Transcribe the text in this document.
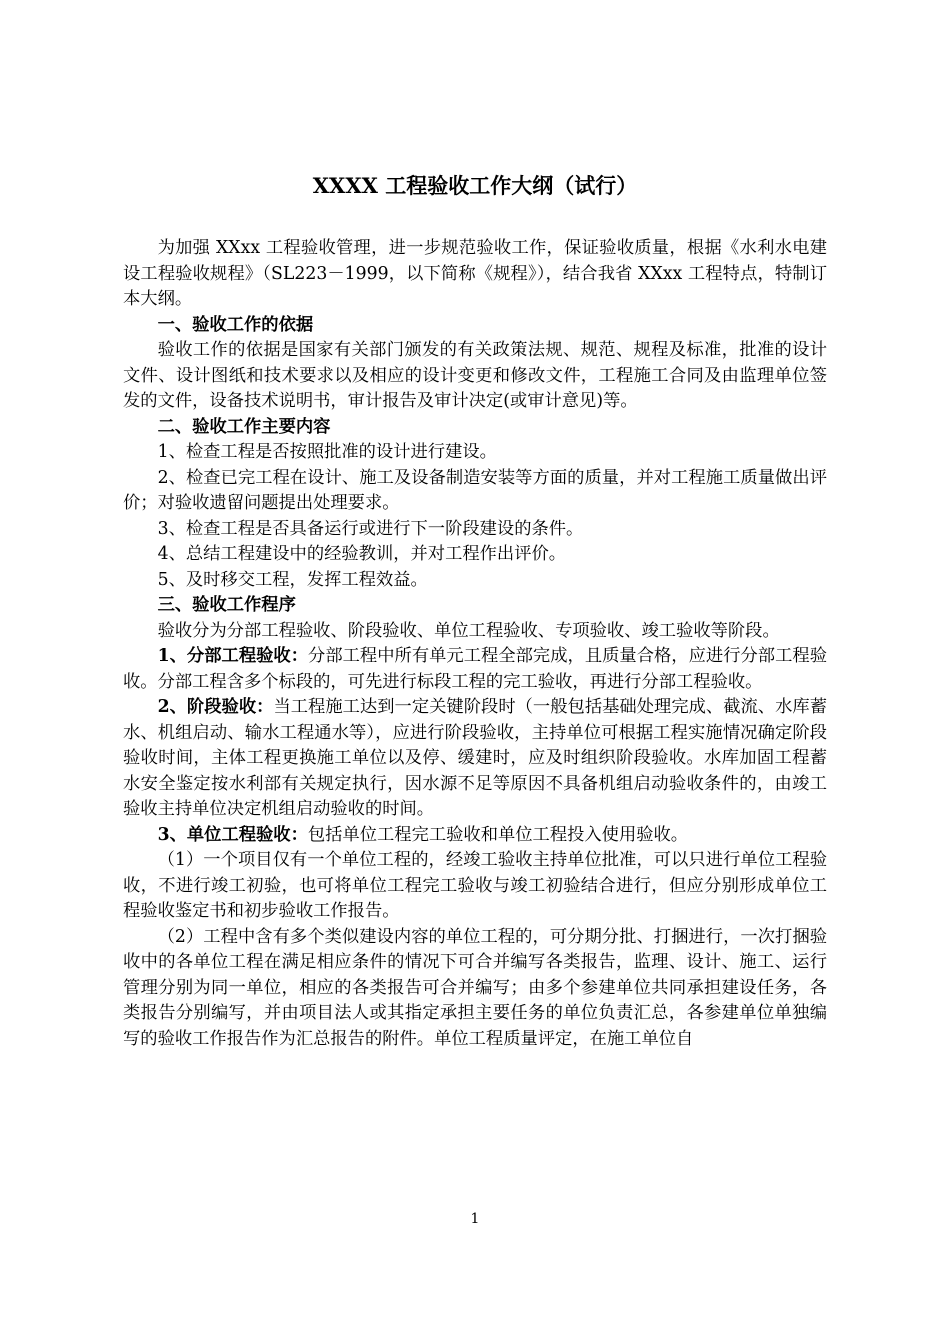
XXXX 工程验收工作大纲（试行）

为加强 XXxx 工程验收管理，进一步规范验收工作，保证验收质量，根据《水利水电建设工程验收规程》（SL223－1999，以下简称《规程》），结合我省 XXxx 工程特点，特制订本大纲。

一、验收工作的依据

验收工作的依据是国家有关部门颁发的有关政策法规、规范、规程及标准，批准的设计文件、设计图纸和技术要求以及相应的设计变更和修改文件，工程施工合同及由监理单位签发的文件，设备技术说明书，审计报告及审计决定(或审计意见)等。

二、验收工作主要内容

1、检查工程是否按照批准的设计进行建设。

2、检查已完工程在设计、施工及设备制造安装等方面的质量，并对工程施工质量做出评价；对验收遗留问题提出处理要求。

3、检查工程是否具备运行或进行下一阶段建设的条件。

4、总结工程建设中的经验教训，并对工程作出评价。

5、及时移交工程，发挥工程效益。

三、验收工作程序

验收分为分部工程验收、阶段验收、单位工程验收、专项验收、竣工验收等阶段。

1、分部工程验收：分部工程中所有单元工程全部完成，且质量合格，应进行分部工程验收。分部工程含多个标段的，可先进行标段工程的完工验收，再进行分部工程验收。

2、阶段验收：当工程施工达到一定关键阶段时（一般包括基础处理完成、截流、水库蓄水、机组启动、输水工程通水等），应进行阶段验收，主持单位可根据工程实施情况确定阶段验收时间，主体工程更换施工单位以及停、缓建时，应及时组织阶段验收。水库加固工程蓄水安全鉴定按水利部有关规定执行，因水源不足等原因不具备机组启动验收条件的，由竣工验收主持单位决定机组启动验收的时间。

3、单位工程验收：包括单位工程完工验收和单位工程投入使用验收。

（1）一个项目仅有一个单位工程的，经竣工验收主持单位批准，可以只进行单位工程验收，不进行竣工初验，也可将单位工程完工验收与竣工初验结合进行，但应分别形成单位工程验收鉴定书和初步验收工作报告。

（2）工程中含有多个类似建设内容的单位工程的，可分期分批、打捆进行，一次打捆验收中的各单位工程在满足相应条件的情况下可合并编写各类报告，监理、设计、施工、运行管理分别为同一单位，相应的各类报告可合并编写；由多个参建单位共同承担建设任务，各类报告分别编写，并由项目法人或其指定承担主要任务的单位负责汇总，各参建单位单独编写的验收工作报告作为汇总报告的附件。单位工程质量评定，在施工单位自

1
